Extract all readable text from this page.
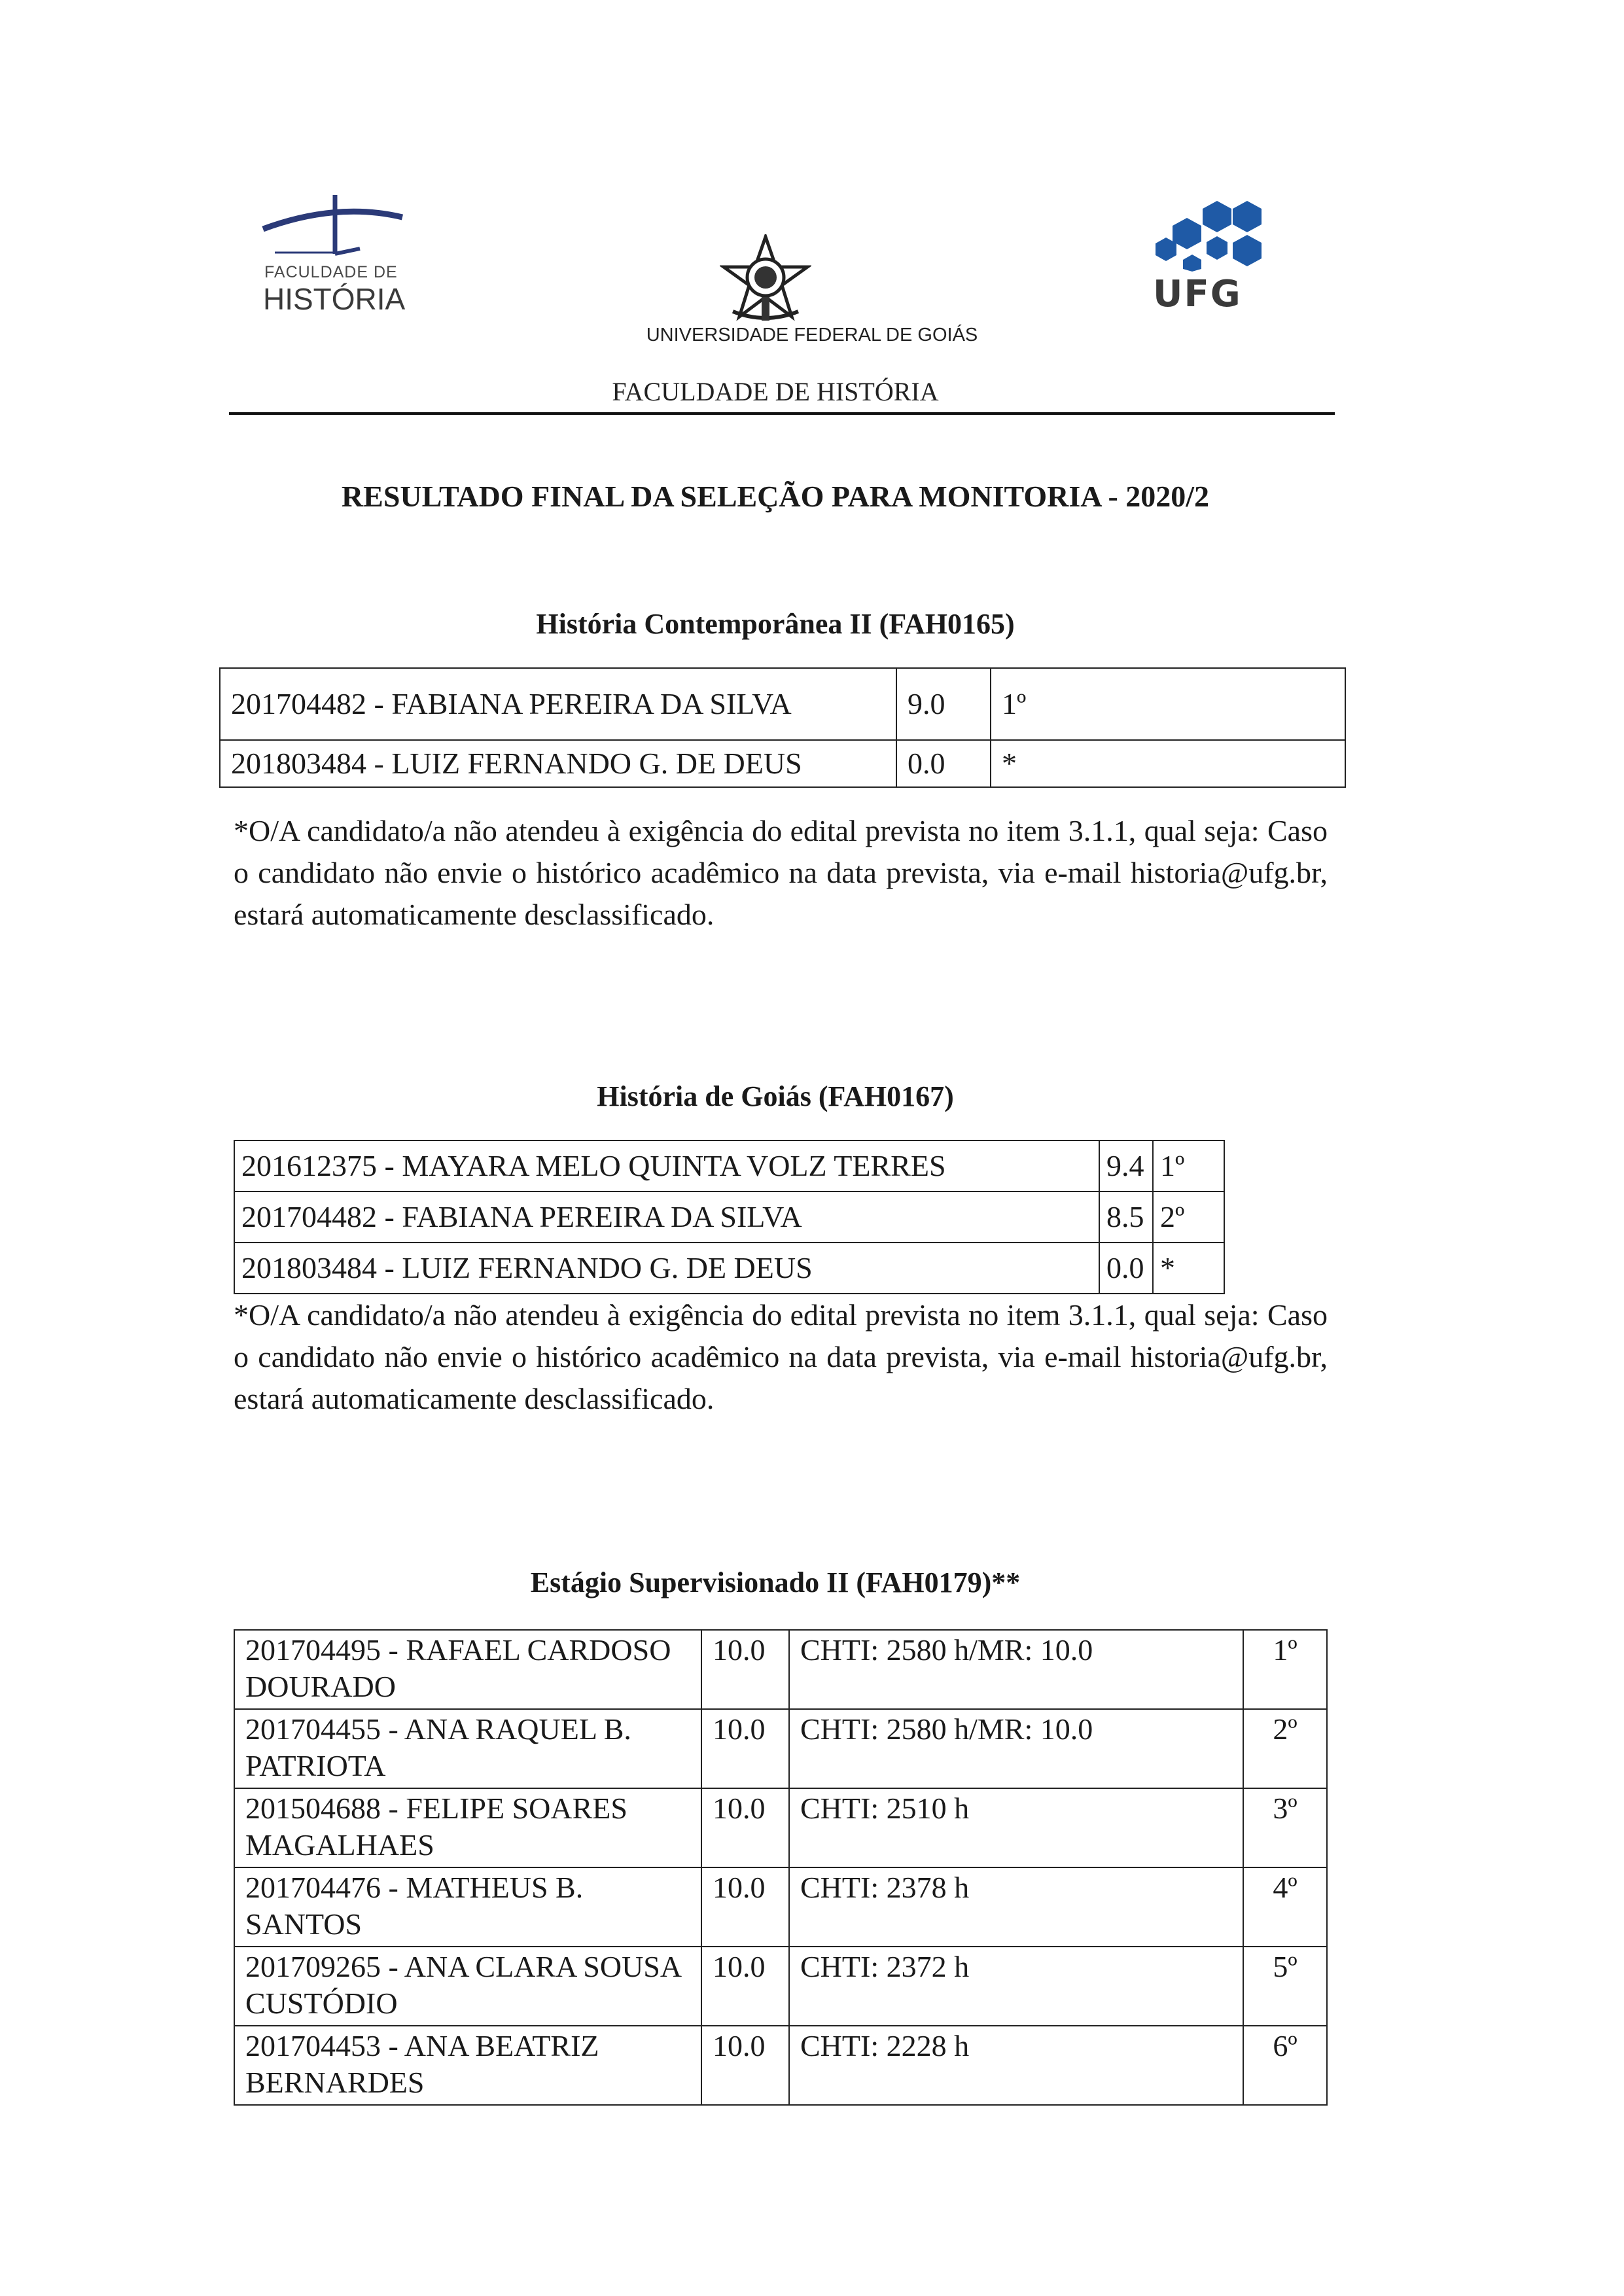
FACULDADE DE
HISTÓRIA	UFG
UNIVERSIDADE FEDERAL DE GOIÁS
FACULDADE DE HISTÓRIA
RESULTADO FINAL DA SELEÇÃO PARA MONITORIA - 2020/2
História Contemporânea II (FAH0165)
201704482 - FABIANA PEREIRA DA SILVA	9.0	1º
201803484 - LUIZ FERNANDO G. DE DEUS	0.0	*
*O/A candidato/a não atendeu à exigência do edital prevista no item 3.1.1, qual seja: Caso o candidato não envie o histórico acadêmico na data prevista, via e-mail historia@ufg.br, estará automaticamente desclassificado.
História de Goiás (FAH0167)
201612375 - MAYARA MELO QUINTA VOLZ TERRES	9.4	1º
201704482 - FABIANA PEREIRA DA SILVA	8.5	2º
201803484 - LUIZ FERNANDO G. DE DEUS	0.0	*
*O/A candidato/a não atendeu à exigência do edital prevista no item 3.1.1, qual seja: Caso o candidato não envie o histórico acadêmico na data prevista, via e-mail historia@ufg.br, estará automaticamente desclassificado.
Estágio Supervisionado II (FAH0179)**
201704495 - RAFAEL CARDOSO DOURADO	10.0	CHTI: 2580 h/MR: 10.0	1º
201704455 - ANA RAQUEL B. PATRIOTA	10.0	CHTI: 2580 h/MR: 10.0	2º
201504688 - FELIPE SOARES MAGALHAES	10.0	CHTI: 2510 h	3º
201704476 - MATHEUS B. SANTOS	10.0	CHTI: 2378 h	4º
201709265 - ANA CLARA SOUSA CUSTÓDIO	10.0	CHTI: 2372 h	5º
201704453 - ANA BEATRIZ BERNARDES	10.0	CHTI: 2228 h	6º
